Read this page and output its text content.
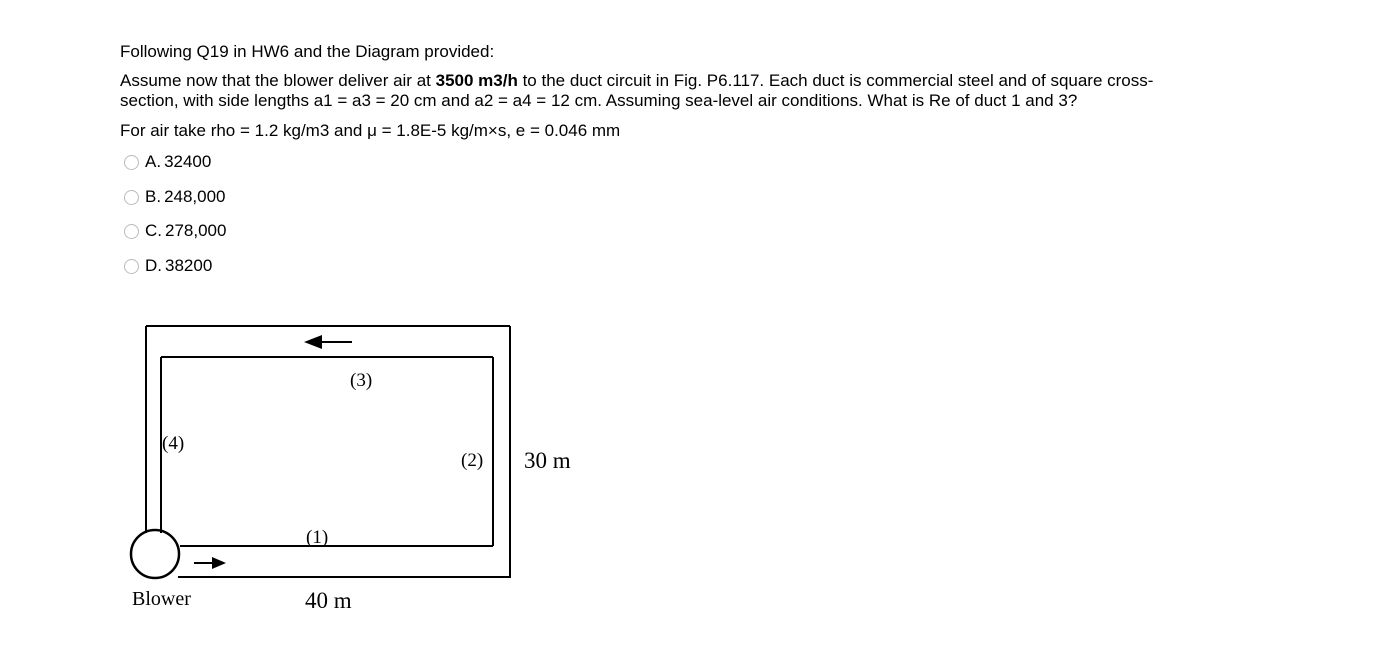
Following Q19 in HW6 and the Diagram provided:
Assume now that the blower deliver air at 3500 m3/h to the duct circuit in Fig. P6.117. Each duct is commercial steel and of square cross-
section, with side lengths a1 = a3 = 20 cm and a2 = a4 = 12 cm. Assuming sea-level air conditions. What is Re of duct 1 and 3?
For air take rho = 1.2 kg/m3 and μ = 1.8E-5 kg/m×s, e = 0.046 mm
A. 32400
B. 248,000
C. 278,000
D. 38200
(3)
(4)
(2)
(1)
30 m
40 m
Blower
